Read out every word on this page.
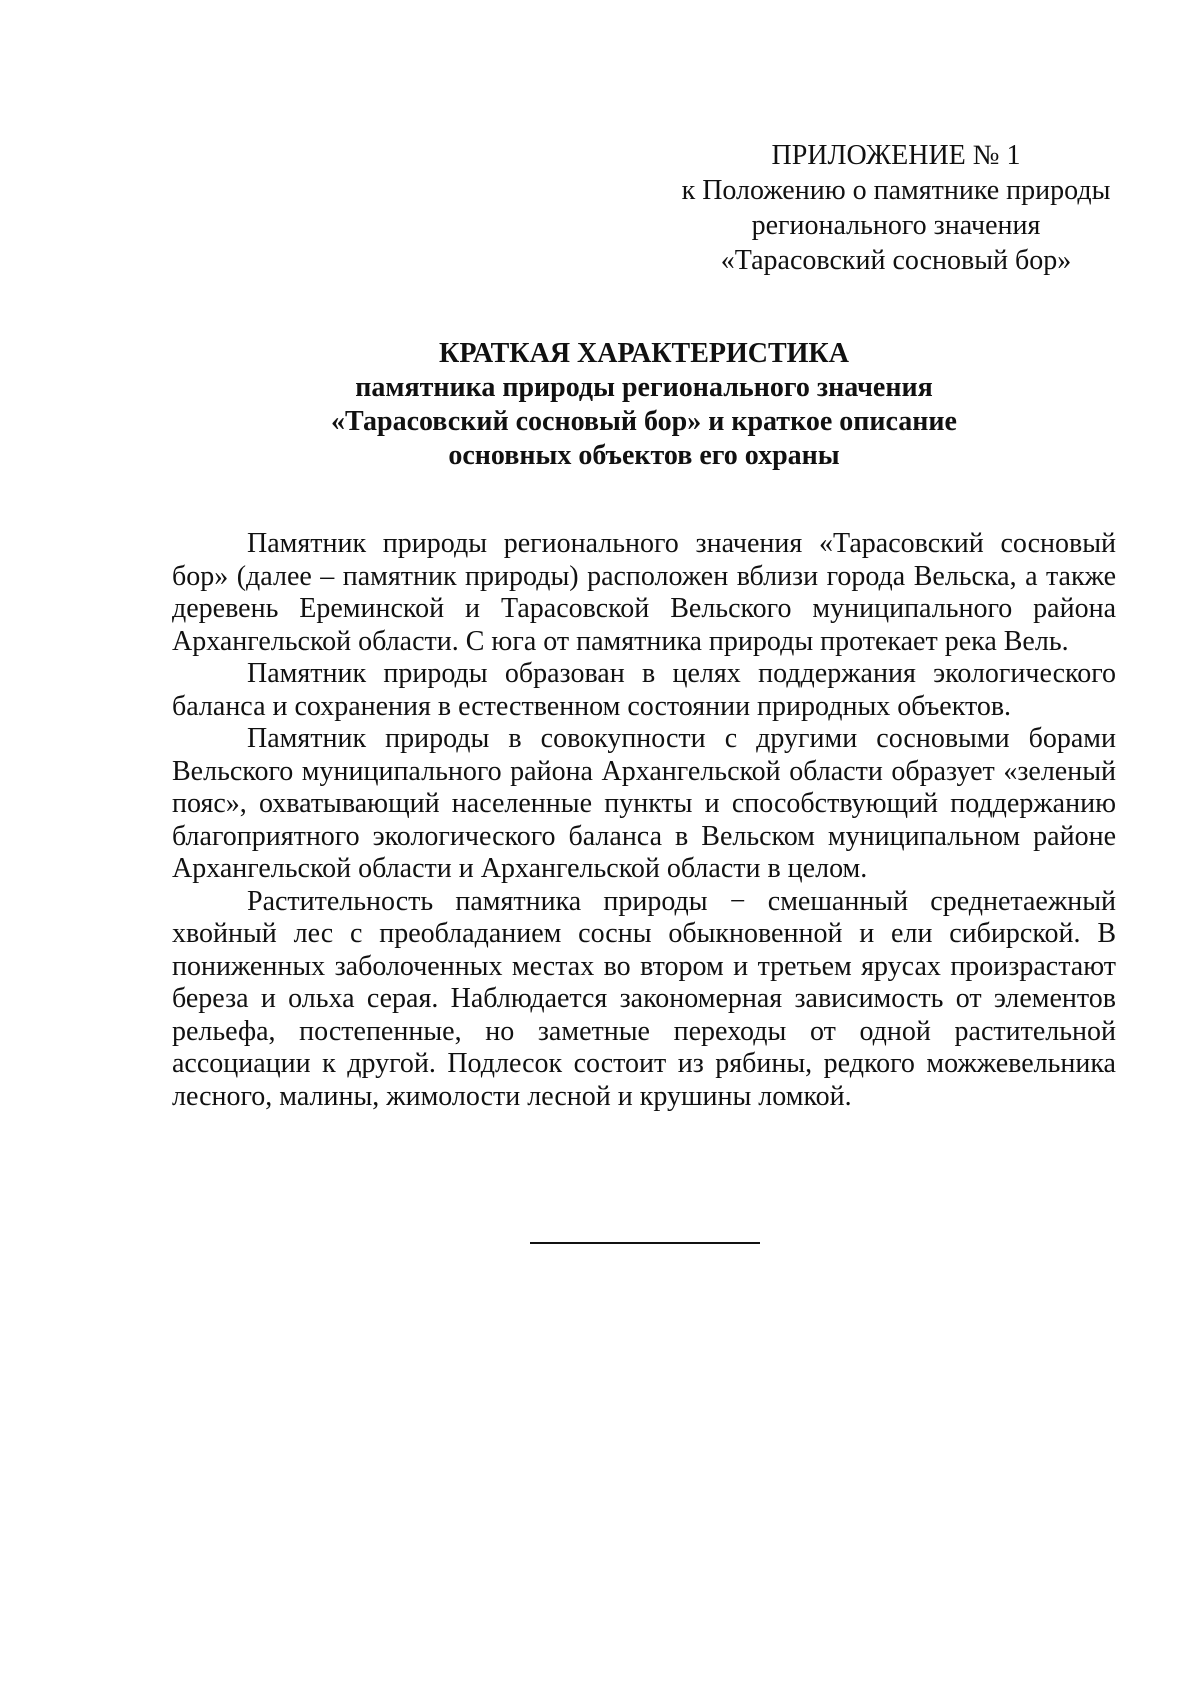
ПРИЛОЖЕНИЕ № 1
к Положению о памятнике природы
регионального значения
«Тарасовский сосновый бор»
КРАТКАЯ ХАРАКТЕРИСТИКА
памятника природы регионального значения
«Тарасовский сосновый бор» и краткое описание
основных объектов его охраны

Памятник природы регионального значения «Тарасовский сосновый бор» (далее – памятник природы) расположен вблизи города Вельска, а также деревень Ереминской и Тарасовской Вельского муниципального района Архангельской области. С юга от памятника природы протекает река Вель.

Памятник природы образован в целях поддержания экологического баланса и сохранения в естественном состоянии природных объектов.

Памятник природы в совокупности с другими сосновыми борами Вельского муниципального района Архангельской области образует «зеленый пояс», охватывающий населенные пункты и способствующий поддержанию благоприятного экологического баланса в Вельском муниципальном районе Архангельской области и Архангельской области в целом.

Растительность памятника природы − смешанный среднетаежный хвойный лес с преобладанием сосны обыкновенной и ели сибирской. В пониженных заболоченных местах во втором и третьем ярусах произрастают береза и ольха серая. Наблюдается закономерная зависимость от элементов рельефа, постепенные, но заметные переходы от одной растительной ассоциации к другой. Подлесок состоит из рябины, редкого можжевельника лесного, малины, жимолости лесной и крушины ломкой.
